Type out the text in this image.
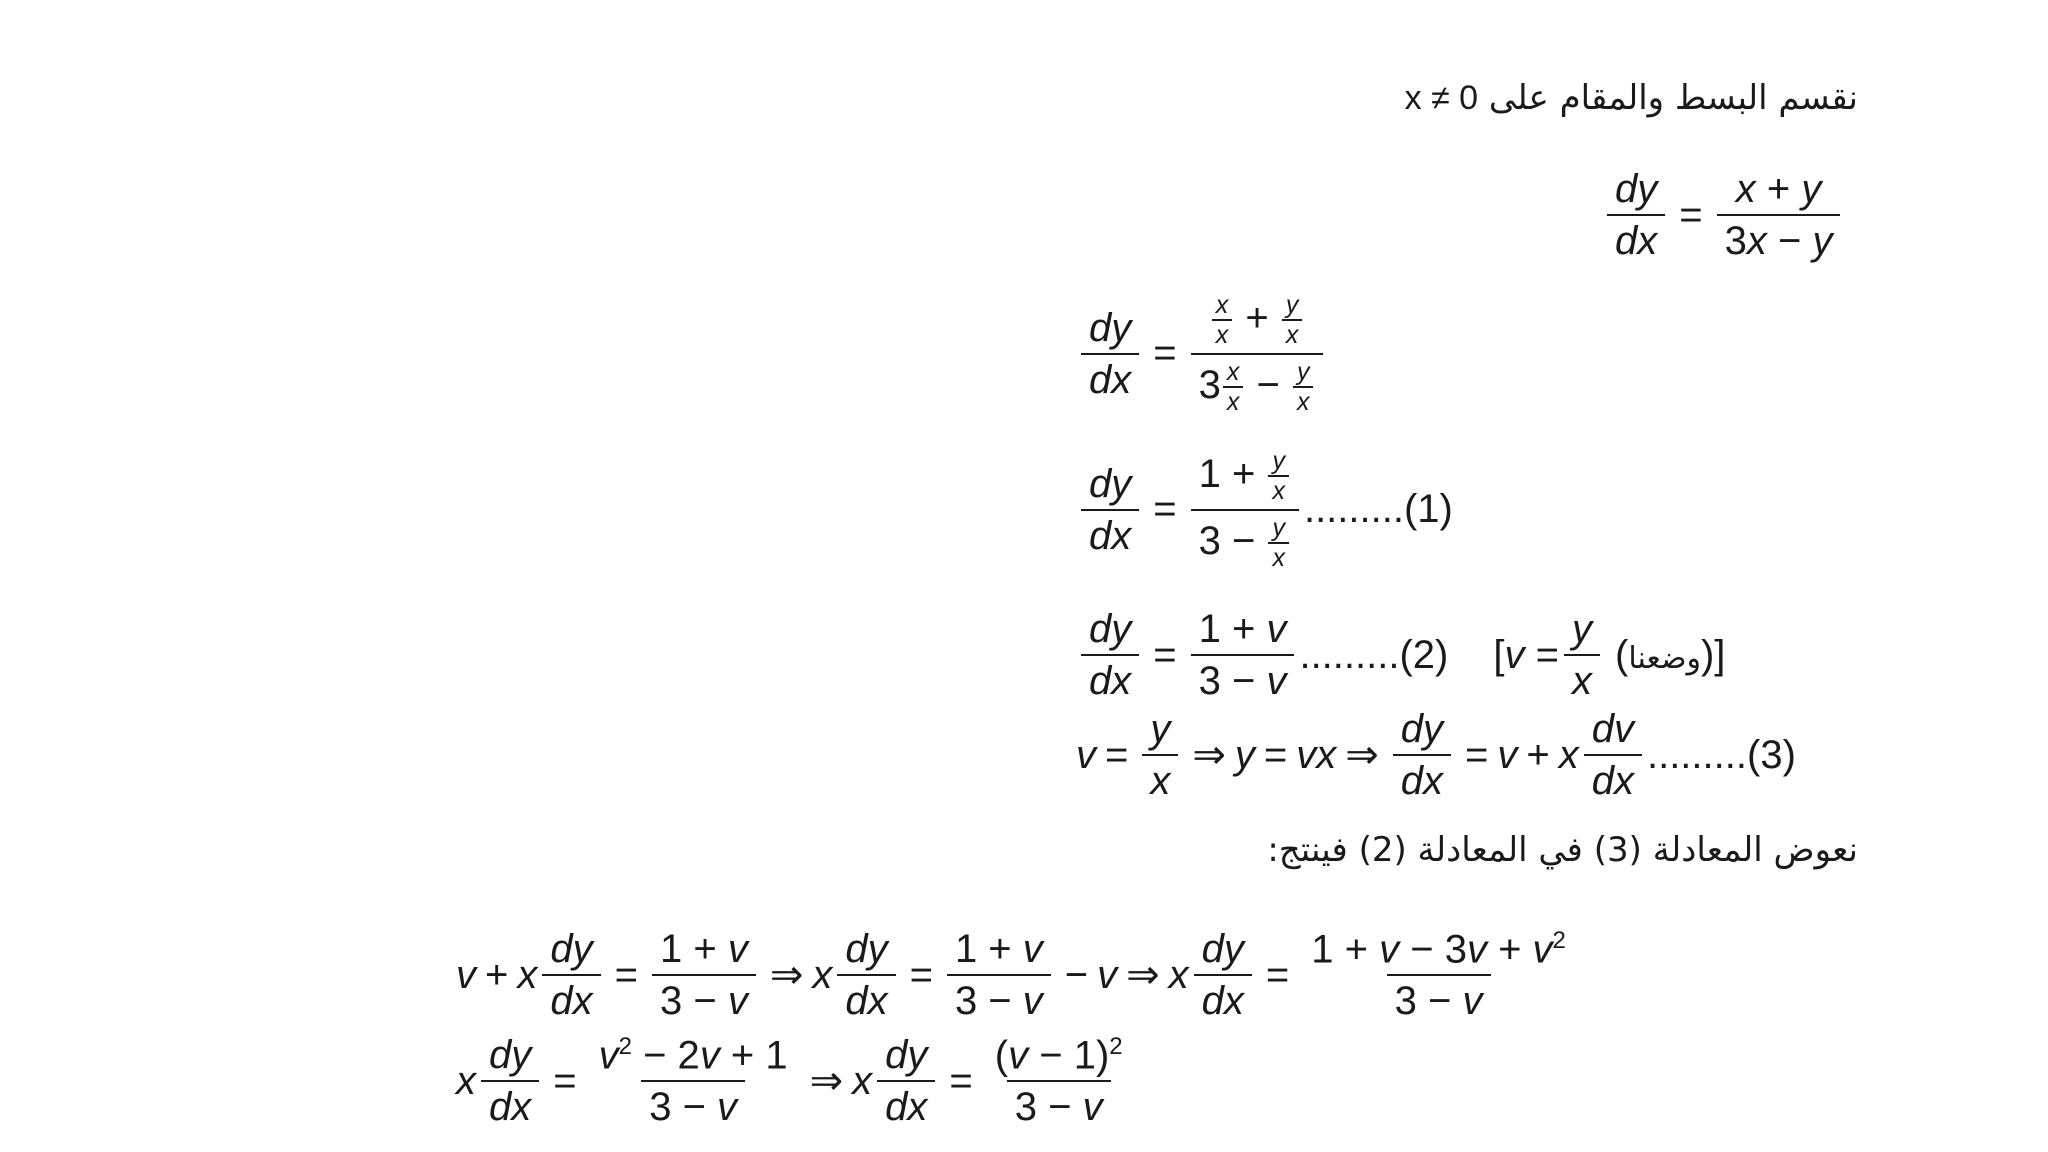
نقسم البسط والمقام على x ≠ 0
$\frac{dy}{dx} = \frac{x + y}{3x - y}$
$\frac{dy}{dx} = \frac{\frac{x}{x} + \frac{y}{x}}{3 \frac{x}{x} - \frac{y}{x}}$
$\frac{dy}{dx} = \frac{1 + \frac{y}{x}}{3 - \frac{y}{x}}$ ......... (1)
$\frac{dy}{dx} = \frac{1 + v}{3 - v}$ ......... (2) [$v = \frac{y}{x}$ (وضعنا)]
$v = \frac{y}{x}$ ⇒ y = vx ⇒ $\frac{dy}{dx} = v + x \frac{dv}{dx}$ ......... (3)
نعوض المعادلة (3) في المعادلة (2) فينتج:
v + x $\frac{dy}{dx} = \frac{1 + v}{3 - v}$ ⇒ x $\frac{dy}{dx} = \frac{1 + v}{3 - v} - v$ ⇒ x $\frac{dy}{dx} = \frac{1 + v - 3v + v^2}{3 - v}$
x $\frac{dy}{dx} = \frac{v^2 - 2v + 1}{3 - v}$ ⇒ x $\frac{dy}{dx} = \frac{(v - 1)^2}{3 - v}$
